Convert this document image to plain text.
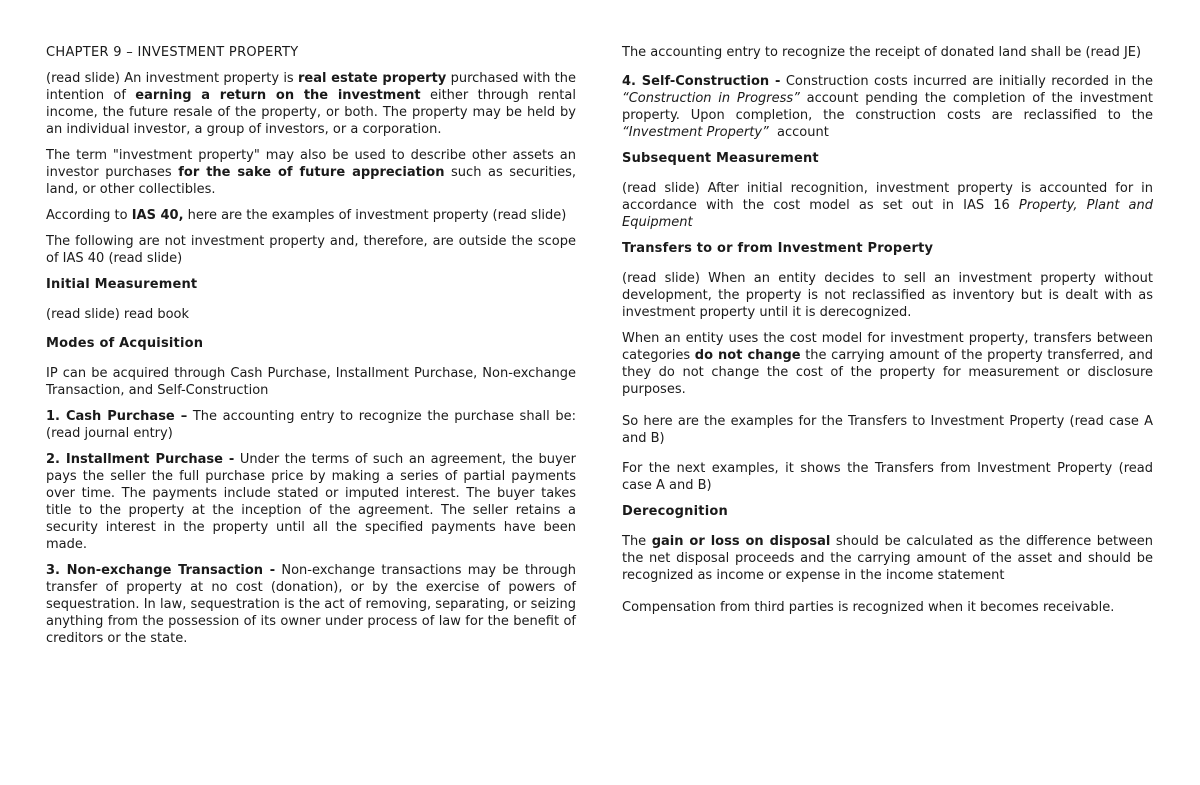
CHAPTER 9 – INVESTMENT PROPERTY

(read slide) An investment property is real estate property purchased with the intention of earning a return on the investment either through rental income, the future resale of the property, or both. The property may be held by an individual investor, a group of investors, or a corporation.

The term "investment property" may also be used to describe other assets an investor purchases for the sake of future appreciation such as securities, land, or other collectibles.

According to IAS 40, here are the examples of investment property (read slide)

The following are not investment property and, therefore, are outside the scope of IAS 40 (read slide)

Initial Measurement

(read slide) read book

Modes of Acquisition

IP can be acquired through Cash Purchase, Installment Purchase, Non-exchange Transaction, and Self-Construction

1. Cash Purchase – The accounting entry to recognize the purchase shall be: (read journal entry)

2. Installment Purchase - Under the terms of such an agreement, the buyer pays the seller the full purchase price by making a series of partial payments over time. The payments include stated or imputed interest. The buyer takes title to the property at the inception of the agreement. The seller retains a security interest in the property until all the specified payments have been made.

3. Non-exchange Transaction - Non-exchange transactions may be through transfer of property at no cost (donation), or by the exercise of powers of sequestration. In law, sequestration is the act of removing, separating, or seizing anything from the possession of its owner under process of law for the benefit of creditors or the state.

The accounting entry to recognize the receipt of donated land shall be (read JE)

4. Self-Construction - Construction costs incurred are initially recorded in the “Construction in Progress” account pending the completion of the investment property. Upon completion, the construction costs are reclassified to the “Investment Property”  account

Subsequent Measurement

(read slide) After initial recognition, investment property is accounted for in accordance with the cost model as set out in IAS 16 Property, Plant and Equipment

Transfers to or from Investment Property

(read slide) When an entity decides to sell an investment property without development, the property is not reclassified as inventory but is dealt with as investment property until it is derecognized.

When an entity uses the cost model for investment property, transfers between categories do not change the carrying amount of the property transferred, and they do not change the cost of the property for measurement or disclosure purposes.

So here are the examples for the Transfers to Investment Property (read case A and B)

For the next examples, it shows the Transfers from Investment Property (read case A and B)

Derecognition

The gain or loss on disposal should be calculated as the difference between the net disposal proceeds and the carrying amount of the asset and should be recognized as income or expense in the income statement

Compensation from third parties is recognized when it becomes receivable.
